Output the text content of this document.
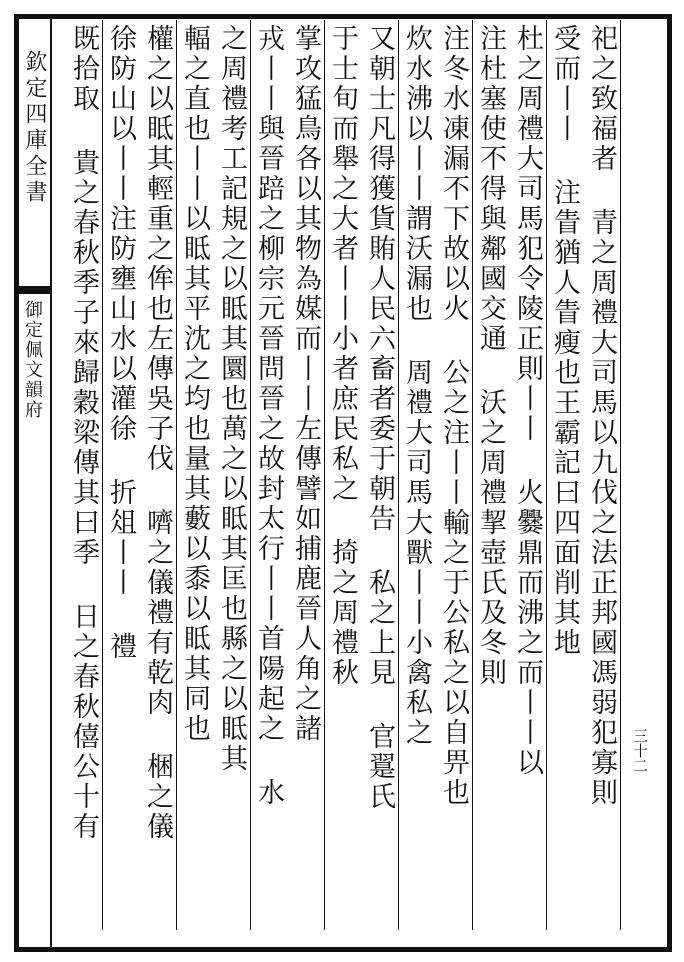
欽定四庫全書
御定佩文韻府
三十二
祀之致福者 青之周禮大司馬以九伐之法正邦國馮弱犯寡則
受而丨丨 注眚猶人眚瘦也王霸記曰四面削其地
杜之周禮大司馬犯令陵正則丨丨 火爨鼎而沸之而丨丨以
注杜塞使不得與鄰國交通 沃之周禮挈壺氏及冬則
注冬水凍漏不下故以火 公之注丨丨輸之于公私之以自畀也
炊水沸以丨丨謂沃漏也 周禮大司馬大獸丨丨小禽私之
又朝士凡得獲貨賄人民六畜者委于朝告 私之上見 官翨氏
于士旬而舉之大者丨丨小者庶民私之 掎之周禮秋
掌攻猛鳥各以其物為媒而丨丨左傳譬如捕鹿晉人角之諸
戎丨丨與晉踣之柳宗元晉問晉之故封太行丨丨首陽起之 水
之周禮考工記規之以眡其圜也萬之以眡其匡也縣之以眡其
輻之直也丨丨以眡其平沈之均也量其藪以黍以眡其同也
權之以眡其輕重之侔也左傳吳子伐 嚌之儀禮有乾肉 梱之儀
徐防山以丨丨注防壅山水以灌徐 折俎丨丨 禮
既拾取 貴之春秋季子來歸穀梁傳其曰季 日之春秋僖公十有
